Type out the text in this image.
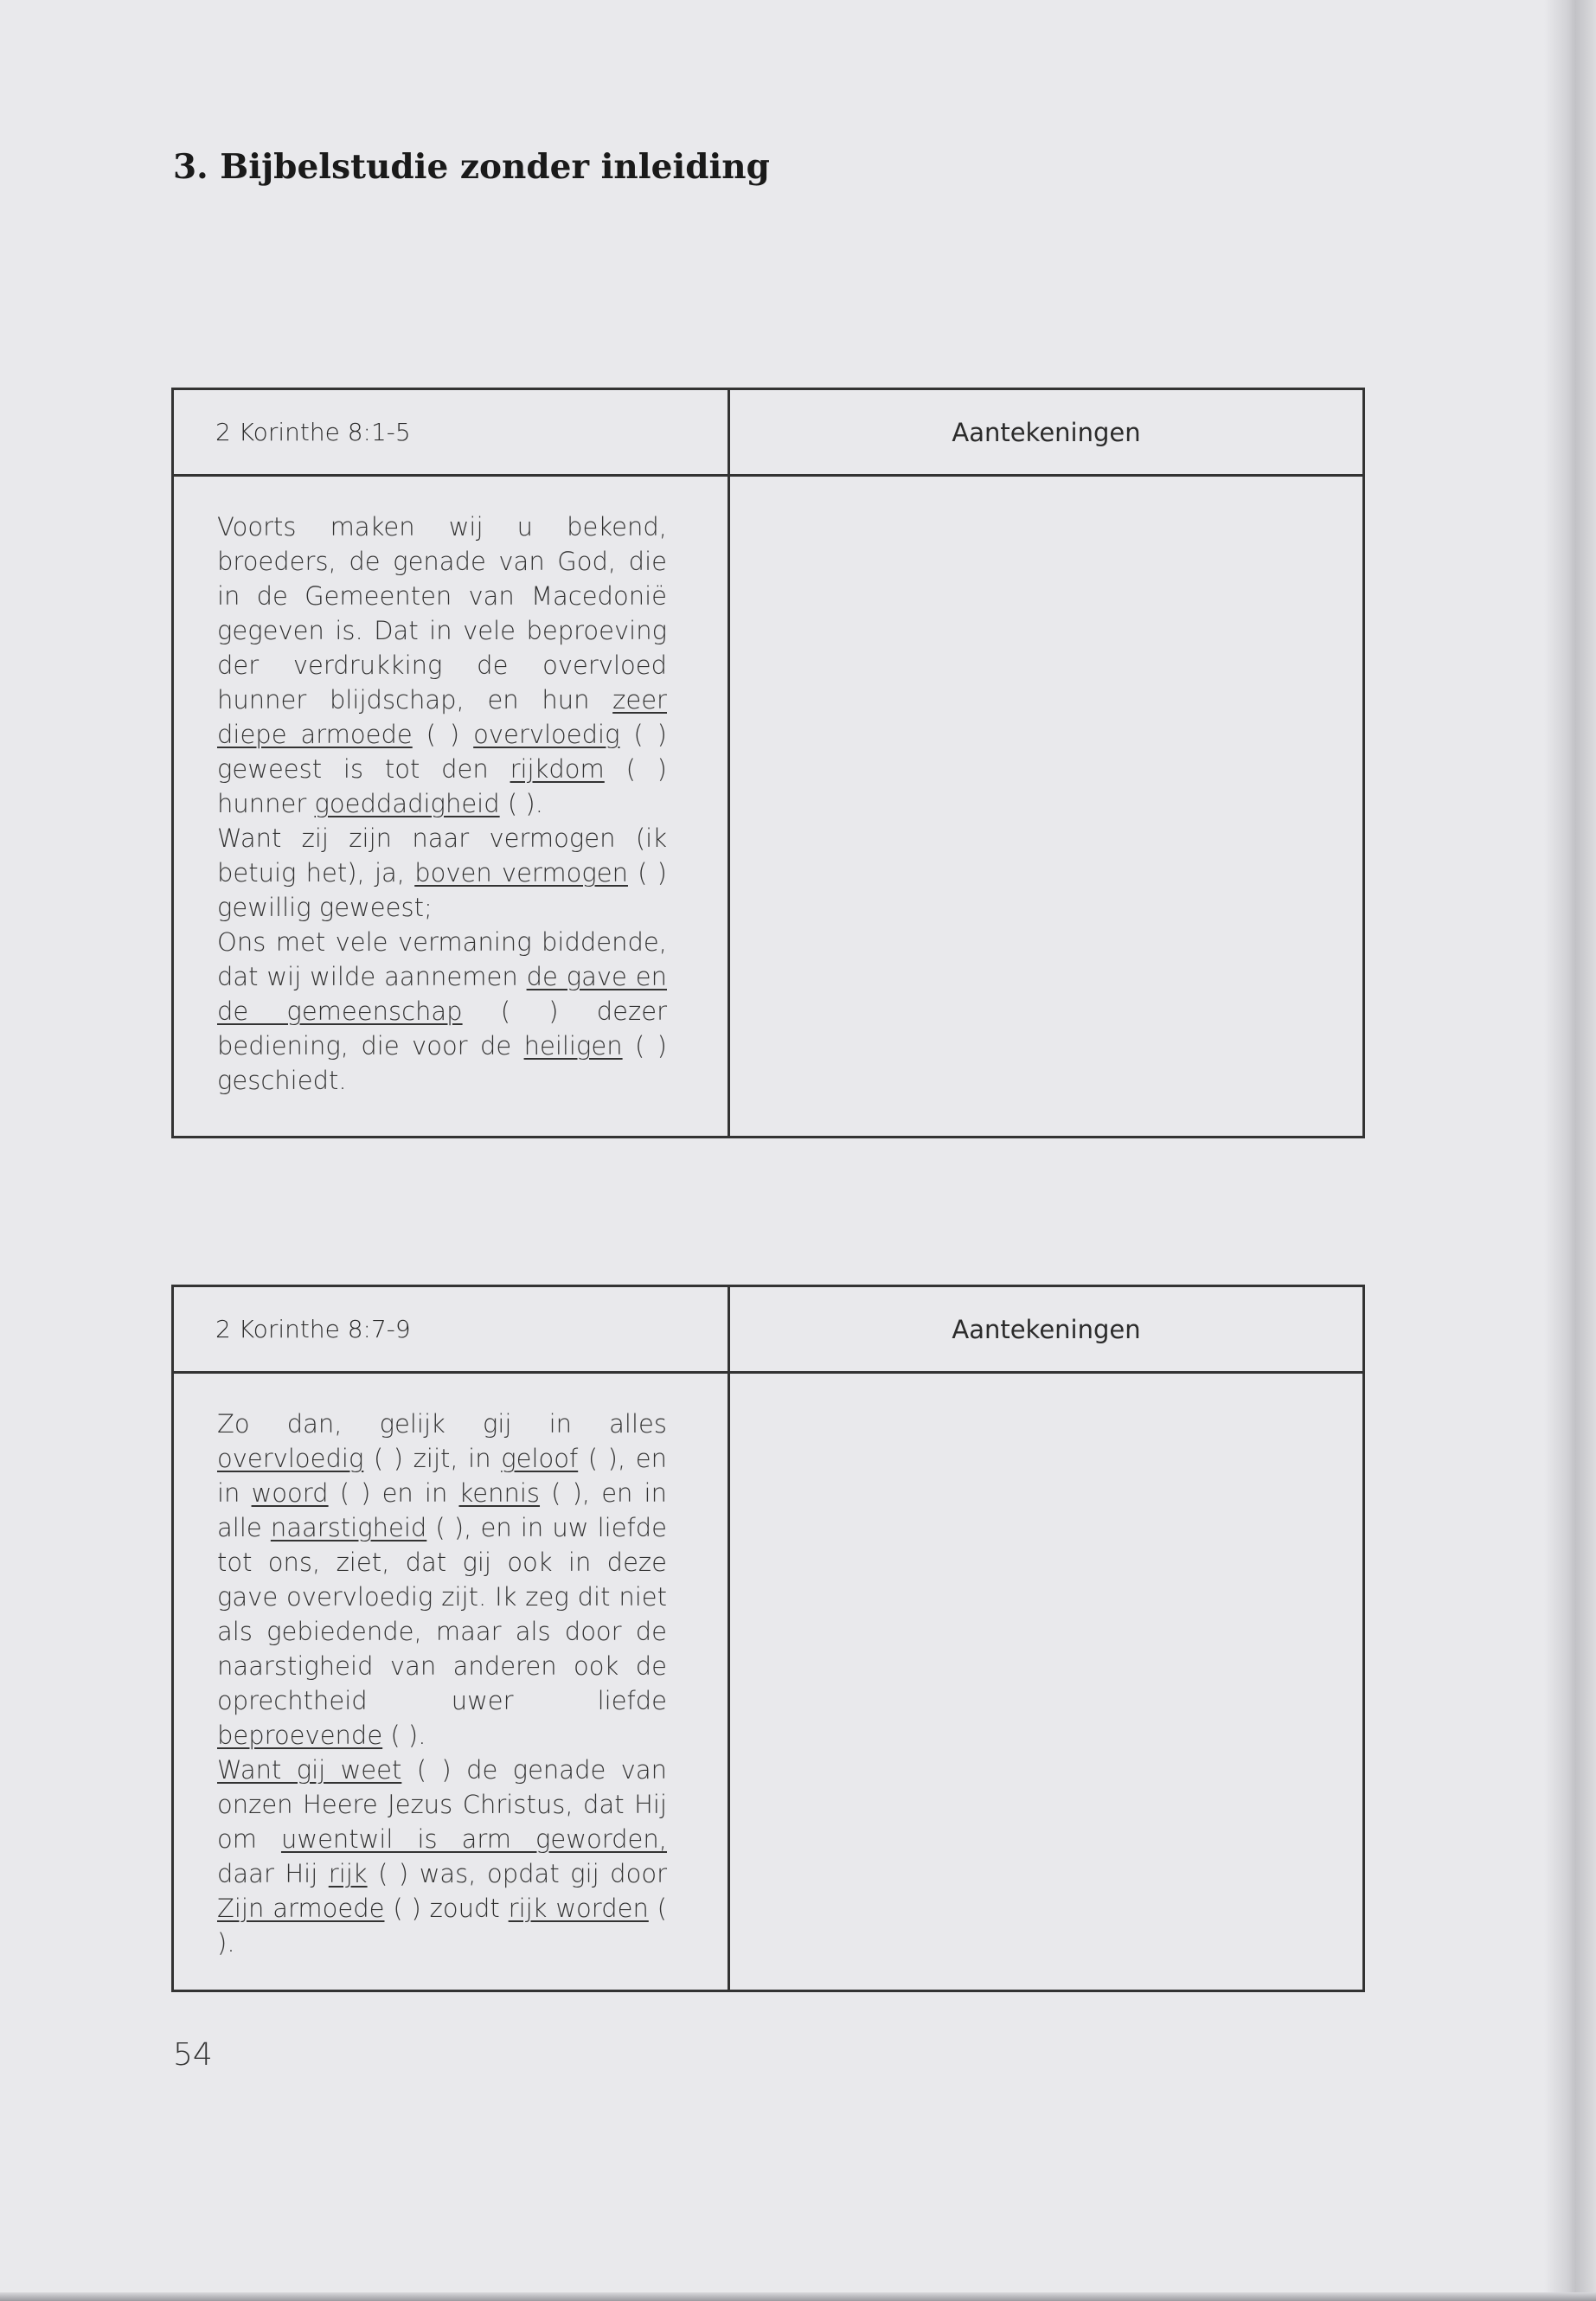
3. Bijbelstudie zonder inleiding
2 Korinthe 8:1-5	Aantekeningen
Voorts maken wij u bekend, broeders, de genade van God, die in de Gemeenten van Macedonië gegeven is. Dat in vele beproeving der verdrukking de overvloed hunner blijdschap, en hun zeer diepe armoede ( ) overvloedig ( ) geweest is tot den rijkdom ( ) hunner goeddadigheid ( ).
Want zij zijn naar vermogen (ik betuig het), ja, boven vermogen ( ) gewillig geweest;
Ons met vele vermaning biddende, dat wij wilde aannemen de gave en de gemeenschap ( ) dezer bediening, die voor de heiligen ( ) geschiedt.
2 Korinthe 8:7-9	Aantekeningen
Zo dan, gelijk gij in alles overvloedig ( ) zijt, in geloof ( ), en in woord ( ) en in kennis ( ), en in alle naarstigheid ( ), en in uw liefde tot ons, ziet, dat gij ook in deze gave overvloedig zijt. Ik zeg dit niet als gebiedende, maar als door de naarstigheid van anderen ook de oprechtheid uwer liefde beproevende ( ).
Want gij weet ( ) de genade van onzen Heere Jezus Christus, dat Hij om uwentwil is arm geworden, daar Hij rijk ( ) was, opdat gij door Zijn armoede ( ) zoudt rijk worden ( ).
54
